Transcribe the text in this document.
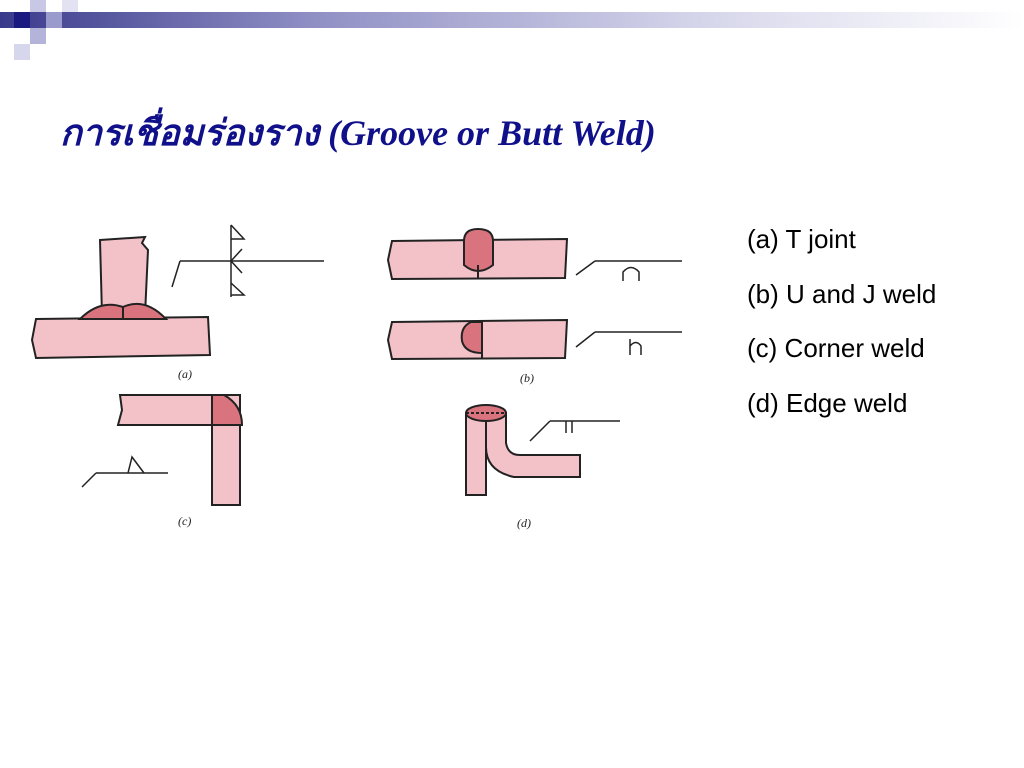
การเชื่อมร่องราง (Groove or Butt Weld)
(a)	(b)
(c)	(d)
(a) T joint
(b) U and J weld
(c) Corner weld
(d) Edge weld
